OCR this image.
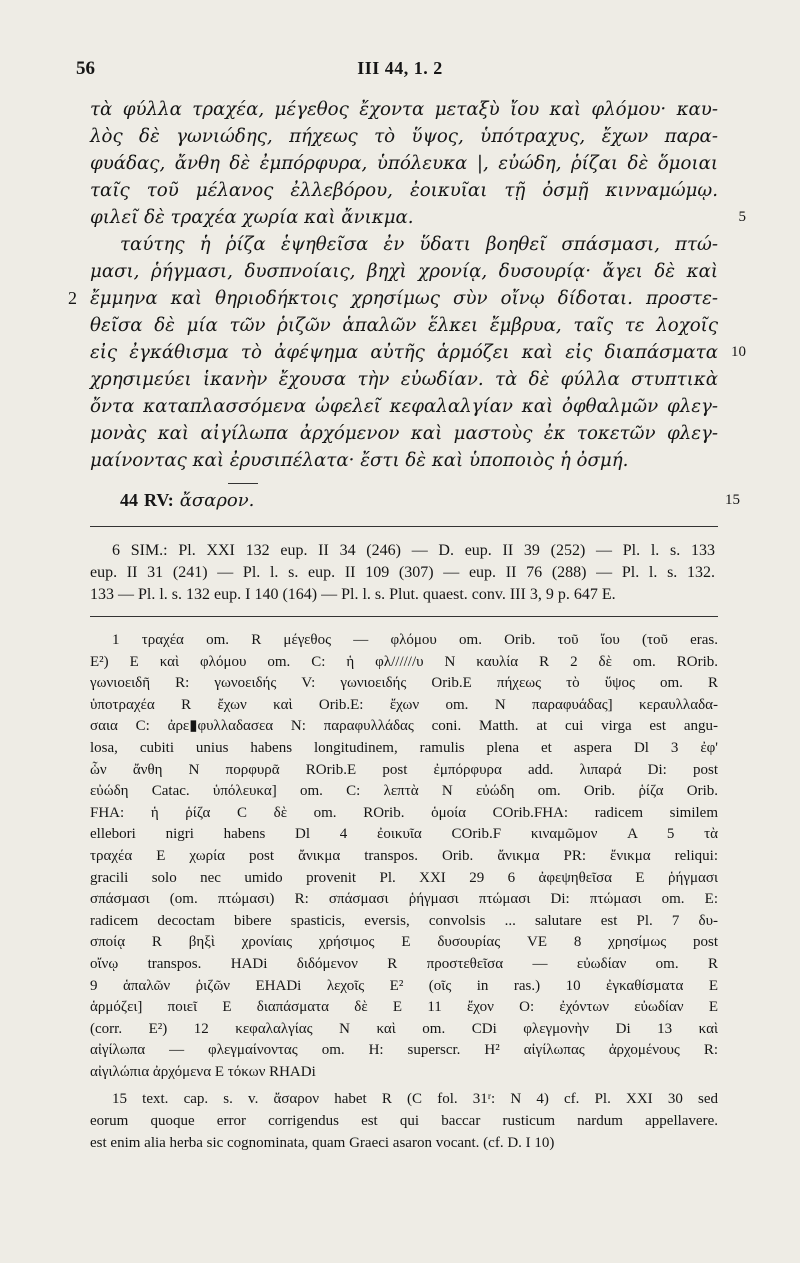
56	III 44, 1. 2
τὰ φύλλα τραχέα, μέγεθος ἔχοντα μεταξὺ ἴου καὶ φλόμου· καυ-
λὸς δὲ γωνιώδης, πήχεως τὸ ὕψος, ὑπότραχυς, ἔχων παρα-
φυάδας, ἄνθη δὲ ἐμπόρφυρα, ὑπόλευκα |, εὐώδη, ῥίζαι δὲ ὅμοιαι
ταῖς τοῦ μέλανος ἐλλεβόρου, ἐοικυῖαι τῇ ὀσμῇ κινναμώμῳ.
φιλεῖ δὲ τραχέα χωρία καὶ ἄνικμα.	5
ταύτης ἡ ῥίζα ἑψηθεῖσα ἐν ὕδατι βοηθεῖ σπάσμασι, πτώ-
μασι, ῥήγμασι, δυσπνοίαις, βηχὶ χρονίᾳ, δυσουρίᾳ· ἄγει δὲ καὶ
2 ἔμμηνα καὶ θηριοδήκτοις χρησίμως σὺν οἴνῳ δίδοται. προστε-
θεῖσα δὲ μία τῶν ῥιζῶν ἁπαλῶν ἕλκει ἔμβρυα, ταῖς τε λοχοῖς
εἰς ἐγκάθισμα τὸ ἀφέψημα αὐτῆς ἁρμόζει καὶ εἰς διαπάσματα 10
χρησιμεύει ἱκανὴν ἔχουσα τὴν εὐωδίαν. τὰ δὲ φύλλα στυπτικὰ
ὄντα καταπλασσόμενα ὠφελεῖ κεφαλαλγίαν καὶ ὀφθαλμῶν φλεγ-
μονὰς καὶ αἰγίλωπα ἀρχόμενον καὶ μαστοὺς ἐκ τοκετῶν φλεγ-
μαίνοντας καὶ ἐρυσιπέλατα· ἔστι δὲ καὶ ὑποποιὸς ἡ ὀσμή.
44 RV: ἄσαρον.	15
6 SIM.: Pl. XXI 132 eup. II 34 (246) — D. eup. II 39 (252) — Pl. l. s. 133
eup. II 31 (241) — Pl. l. s. eup. II 109 (307) — eup. II 76 (288) — Pl. l. s. 132.
133 — Pl. l. s. 132 eup. I 140 (164) — Pl. l. s. Plut. quaest. conv. III 3, 9 p. 647 E.
1 τραχέα om. R μέγεθος — φλόμου om. Orib. τοῦ ἴου (τοῦ eras.
E²) E καὶ φλόμου om. C: ἡ φλ//////υ N καυλία R 2 δὲ om. ROrib.
γωνιοειδῆ R: γωνοειδής V: γωνιοειδής Orib.E πήχεως τὸ ὕψος om. R
ὑποτραχέα R ἔχων καὶ Orib.E: ἔχων om. N παραφυάδας] κεραυλλαδα-
σαια C: ἀρε▮φυλλαδασεα N: παραφυλλάδας coni. Matth. at cui virga est angu-
losa, cubiti unius habens longitudinem, ramulis plena et aspera Dl 3 ἐφ'
ὧν ἄνθη N πορφυρᾶ ROrib.E post ἐμπόρφυρα add. λιπαρά Di: post
εὐώδη Catac. ὑπόλευκα] om. C: λεπτὰ N εὐώδη om. Orib. ῥίζα Orib.
FHA: ἡ ῥίζα C δὲ om. ROrib. ὁμοία COrib.FHA: radicem similem
ellebori nigri habens Dl 4 ἐοικυῖα COrib.F κιναμῶμον A 5 τὰ
τραχέα E χωρία post ἄνικμα transpos. Orib. ἄνικμα PR: ἔνικμα reliqui:
gracili solo nec umido provenit Pl. XXI 29 6 ἀφεψηθεῖσα E ῥήγμασι
σπάσμασι (om. πτώμασι) R: σπάσμασι ῥήγμασι πτώμασι Di: πτώμασι om. E:
radicem decoctam bibere spasticis, eversis, convolsis ... salutare est Pl. 7 δυ-
σποίᾳ R βηξὶ χρονίαις χρήσιμος E δυσουρίας VE 8 χρησίμως post
οἴνῳ transpos. HADi διδόμενον R προστεθεῖσα — εὐωδίαν om. R
9 ἁπαλῶν ῥιζῶν EHADi λεχοῖς E² (οῖς in ras.) 10 ἐγκαθίσματα E
ἁρμόζει] ποιεῖ E διαπάσματα δὲ E 11 ἔχον O: ἐχόντων εὐωδίαν E
(corr. E²) 12 κεφαλαλγίας N καὶ om. CDi φλεγμονὴν Di 13 καὶ
αἰγίλωπα — φλεγμαίνοντας om. H: superscr. H² αἰγίλωπας ἀρχομένους R:
αἰγιλώπια ἀρχόμενα E τόκων RHADi
15 text. cap. s. v. ἄσαρον habet R (C fol. 31ʳ: N 4) cf. Pl. XXI 30 sed
eorum quoque error corrigendus est qui baccar rusticum nardum appellavere.
est enim alia herba sic cognominata, quam Graeci asaron vocant. (cf. D. I 10)
